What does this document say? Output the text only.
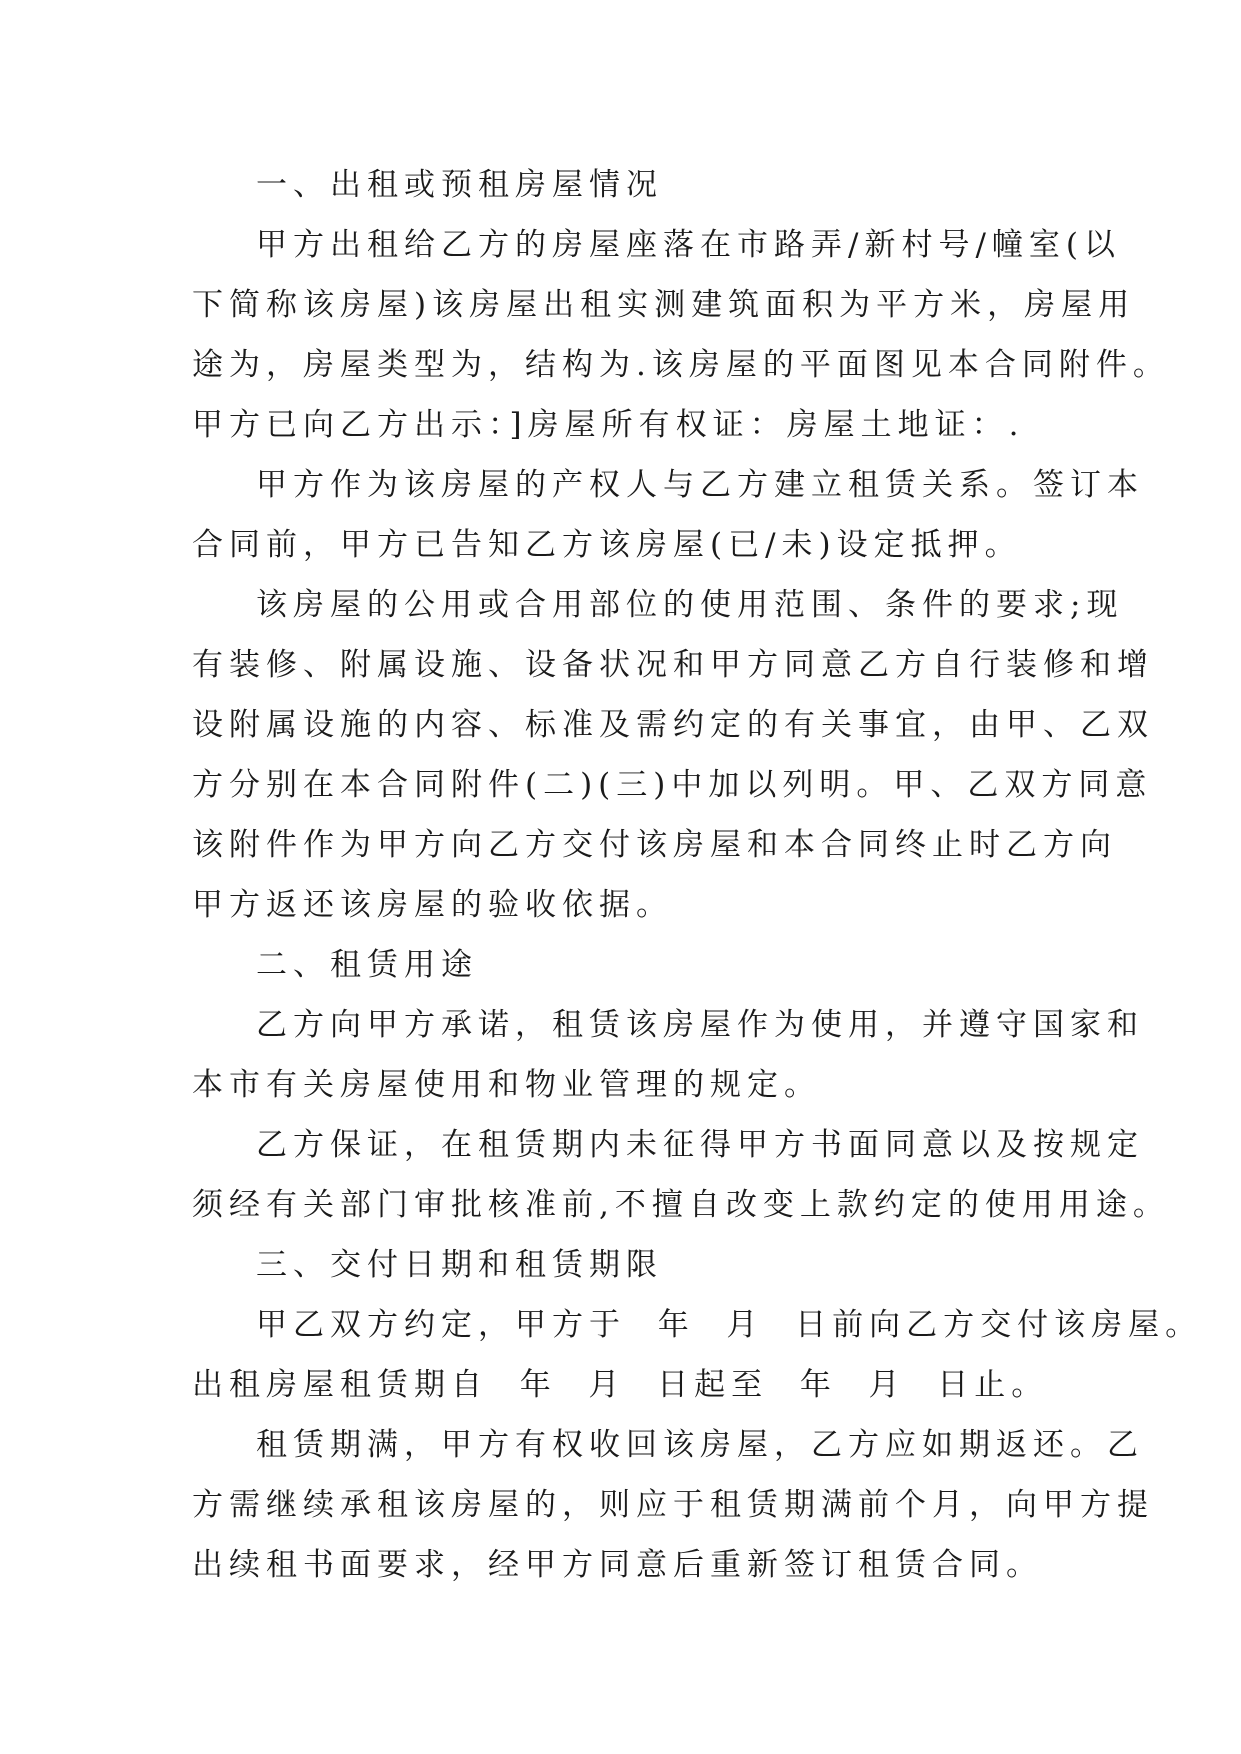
一、出租或预租房屋情况
甲方出租给乙方的房屋座落在市路弄/新村号/幢室(以
下简称该房屋)该房屋出租实测建筑面积为平方米，房屋用
途为，房屋类型为，结构为.该房屋的平面图见本合同附件。
甲方已向乙方出示：]房屋所有权证：房屋土地证：.
甲方作为该房屋的产权人与乙方建立租赁关系。签订本
合同前，甲方已告知乙方该房屋(已/未)设定抵押。
该房屋的公用或合用部位的使用范围、条件的要求;现
有装修、附属设施、设备状况和甲方同意乙方自行装修和增
设附属设施的内容、标准及需约定的有关事宜，由甲、乙双
方分别在本合同附件(二)(三)中加以列明。甲、乙双方同意
该附件作为甲方向乙方交付该房屋和本合同终止时乙方向
甲方返还该房屋的验收依据。
二、租赁用途
乙方向甲方承诺，租赁该房屋作为使用，并遵守国家和
本市有关房屋使用和物业管理的规定。
乙方保证，在租赁期内未征得甲方书面同意以及按规定
须经有关部门审批核准前,不擅自改变上款约定的使用用途。
三、交付日期和租赁期限
甲乙双方约定，甲方于  年  月  日前向乙方交付该房屋。
出租房屋租赁期自  年  月  日起至  年  月  日止。
租赁期满，甲方有权收回该房屋，乙方应如期返还。乙
方需继续承租该房屋的，则应于租赁期满前个月，向甲方提
出续租书面要求，经甲方同意后重新签订租赁合同。
